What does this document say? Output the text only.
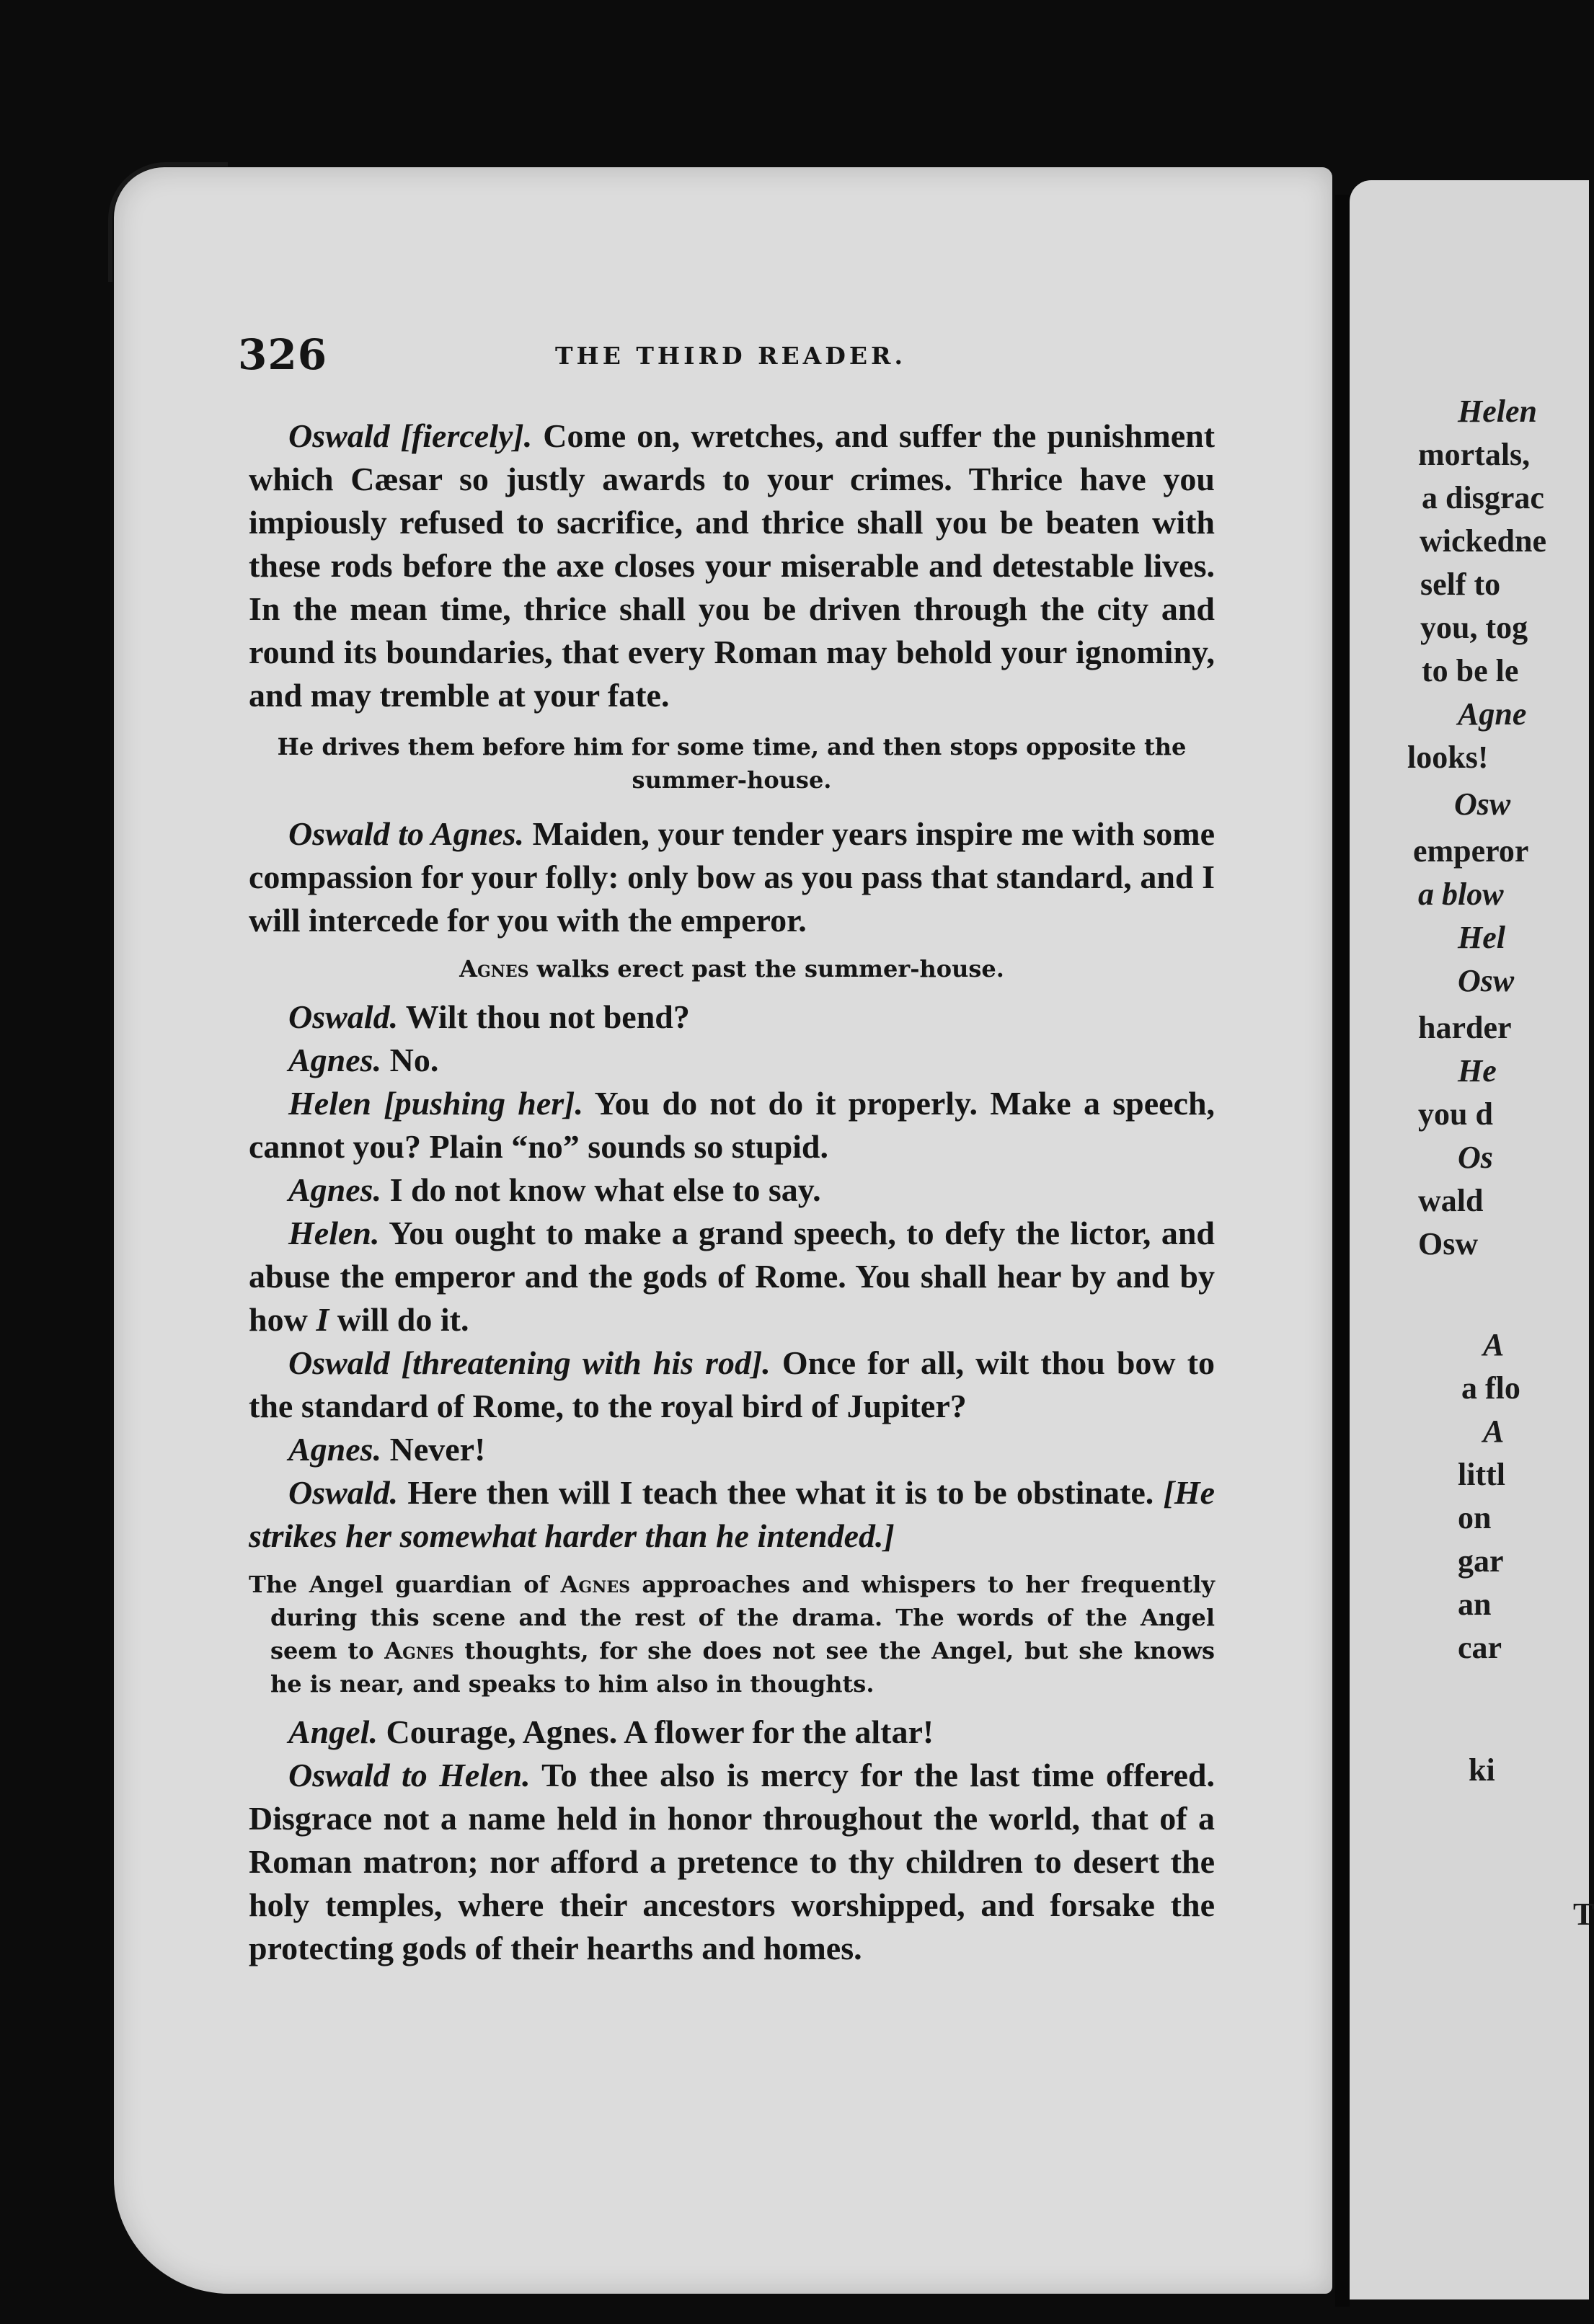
Helen
mortals,
a disgrac
wickedne
self to
you, tog
to be le
Agne
looks!
Osw
emperor
a blow
Hel
Osw
harder
He
you d
Os
wald
Osw
A
a flo
A
littl
on
gar
an
car
ki
T
326	THE THIRD READER.

Oswald [fiercely]. Come on, wretches, and suffer the punishment which Cæsar so justly awards to your crimes. Thrice have you impiously refused to sacrifice, and thrice shall you be beaten with these rods before the axe closes your miserable and detestable lives. In the mean time, thrice shall you be driven through the city and round its boundaries, that every Roman may behold your ignominy, and may tremble at your fate.

He drives them before him for some time, and then stops opposite the summer-house.

Oswald to Agnes. Maiden, your tender years inspire me with some compassion for your folly: only bow as you pass that standard, and I will intercede for you with the emperor.

Agnes walks erect past the summer-house.

Oswald. Wilt thou not bend?

Agnes. No.

Helen [pushing her]. You do not do it properly. Make a speech, cannot you? Plain “no” sounds so stupid.

Agnes. I do not know what else to say.

Helen. You ought to make a grand speech, to defy the lictor, and abuse the emperor and the gods of Rome. You shall hear by and by how I will do it.

Oswald [threatening with his rod]. Once for all, wilt thou bow to the standard of Rome, to the royal bird of Jupiter?

Agnes. Never!

Oswald. Here then will I teach thee what it is to be obstinate. [He strikes her somewhat harder than he intended.]

The Angel guardian of Agnes approaches and whispers to her frequently during this scene and the rest of the drama. The words of the Angel seem to Agnes thoughts, for she does not see the Angel, but she knows he is near, and speaks to him also in thoughts.

Angel. Courage, Agnes. A flower for the altar!

Oswald to Helen. To thee also is mercy for the last time offered. Disgrace not a name held in honor throughout the world, that of a Roman matron; nor afford a pretence to thy children to desert the holy temples, where their ancestors worshipped, and forsake the protecting gods of their hearths and homes.
